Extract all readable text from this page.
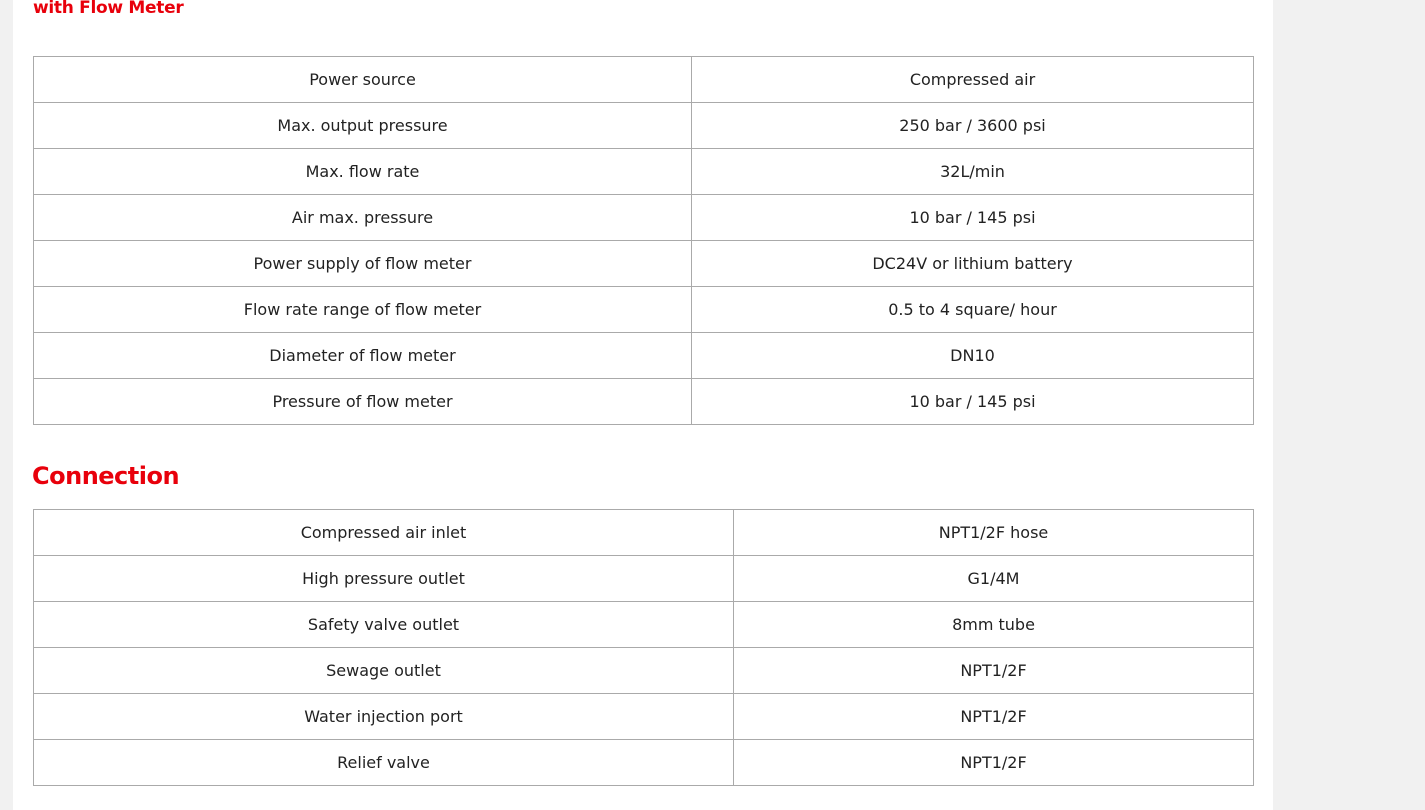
with Flow Meter
Power source	Compressed air
Max. output pressure	250 bar / 3600 psi
Max. flow rate	32L/min
Air max. pressure	10 bar / 145 psi
Power supply of flow meter	DC24V or lithium battery
Flow rate range of flow meter	0.5 to 4 square/ hour
Diameter of flow meter	DN10
Pressure of flow meter	10 bar / 145 psi
Connection
Compressed air inlet	NPT1/2F hose
High pressure outlet	G1/4M
Safety valve outlet	8mm tube
Sewage outlet	NPT1/2F
Water injection port	NPT1/2F
Relief valve	NPT1/2F
